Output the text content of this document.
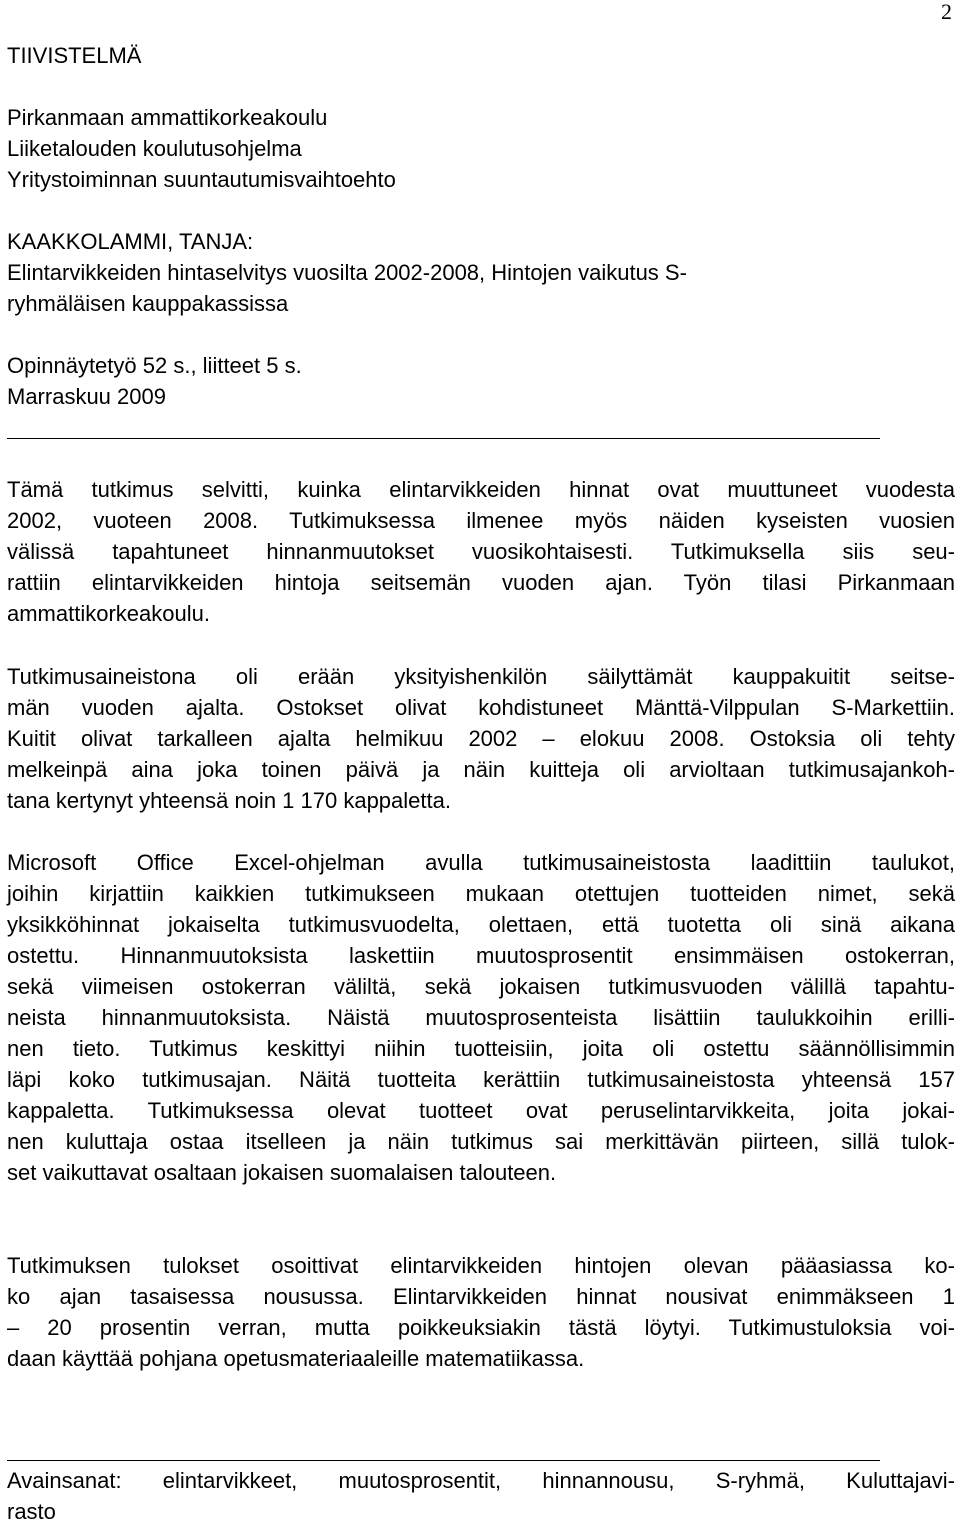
2
TIIVISTELMÄ

Pirkanmaan ammattikorkeakoulu

Liiketalouden koulutusohjelma

Yritystoiminnan suuntautumisvaihtoehto

KAAKKOLAMMI, TANJA:

Elintarvikkeiden hintaselvitys vuosilta 2002-2008, Hintojen vaikutus S-

ryhmäläisen kauppakassissa

Opinnäytetyö 52 s., liitteet 5 s.

Marraskuu 2009

Tämä tutkimus selvitti, kuinka elintarvikkeiden hinnat ovat muuttuneet vuodesta
2002, vuoteen 2008. Tutkimuksessa ilmenee myös näiden kyseisten vuosien
välissä tapahtuneet hinnanmuutokset vuosikohtaisesti. Tutkimuksella siis seu-
rattiin elintarvikkeiden hintoja seitsemän vuoden ajan. Työn tilasi Pirkanmaan
ammattikorkeakoulu.
Tutkimusaineistona oli erään yksityishenkilön säilyttämät kauppakuitit seitse-
män vuoden ajalta. Ostokset olivat kohdistuneet Mänttä-Vilppulan S-Markettiin.
Kuitit olivat tarkalleen ajalta helmikuu 2002 – elokuu 2008. Ostoksia oli tehty
melkeinpä aina joka toinen päivä ja näin kuitteja oli arvioltaan tutkimusajankoh-
tana kertynyt yhteensä noin 1 170 kappaletta.
Microsoft Office Excel-ohjelman avulla tutkimusaineistosta laadittiin taulukot,
joihin kirjattiin kaikkien tutkimukseen mukaan otettujen tuotteiden nimet, sekä
yksikköhinnat jokaiselta tutkimusvuodelta, olettaen, että tuotetta oli sinä aikana
ostettu. Hinnanmuutoksista laskettiin muutosprosentit ensimmäisen ostokerran,
sekä viimeisen ostokerran väliltä, sekä jokaisen tutkimusvuoden välillä tapahtu-
neista hinnanmuutoksista. Näistä muutosprosenteista lisättiin taulukkoihin erilli-
nen tieto. Tutkimus keskittyi niihin tuotteisiin, joita oli ostettu säännöllisimmin
läpi koko tutkimusajan. Näitä tuotteita kerättiin tutkimusaineistosta yhteensä 157
kappaletta. Tutkimuksessa olevat tuotteet ovat peruselintarvikkeita, joita jokai-
nen kuluttaja ostaa itselleen ja näin tutkimus sai merkittävän piirteen, sillä tulok-
set vaikuttavat osaltaan jokaisen suomalaisen talouteen.
Tutkimuksen tulokset osoittivat elintarvikkeiden hintojen olevan pääasiassa ko-
ko ajan tasaisessa nousussa. Elintarvikkeiden hinnat nousivat enimmäkseen 1
– 20 prosentin verran, mutta poikkeuksiakin tästä löytyi. Tutkimustuloksia voi-
daan käyttää pohjana opetusmateriaaleille matematiikassa.
Avainsanat: elintarvikkeet, muutosprosentit, hinnannousu, S-ryhmä, Kuluttajavi-
rasto
